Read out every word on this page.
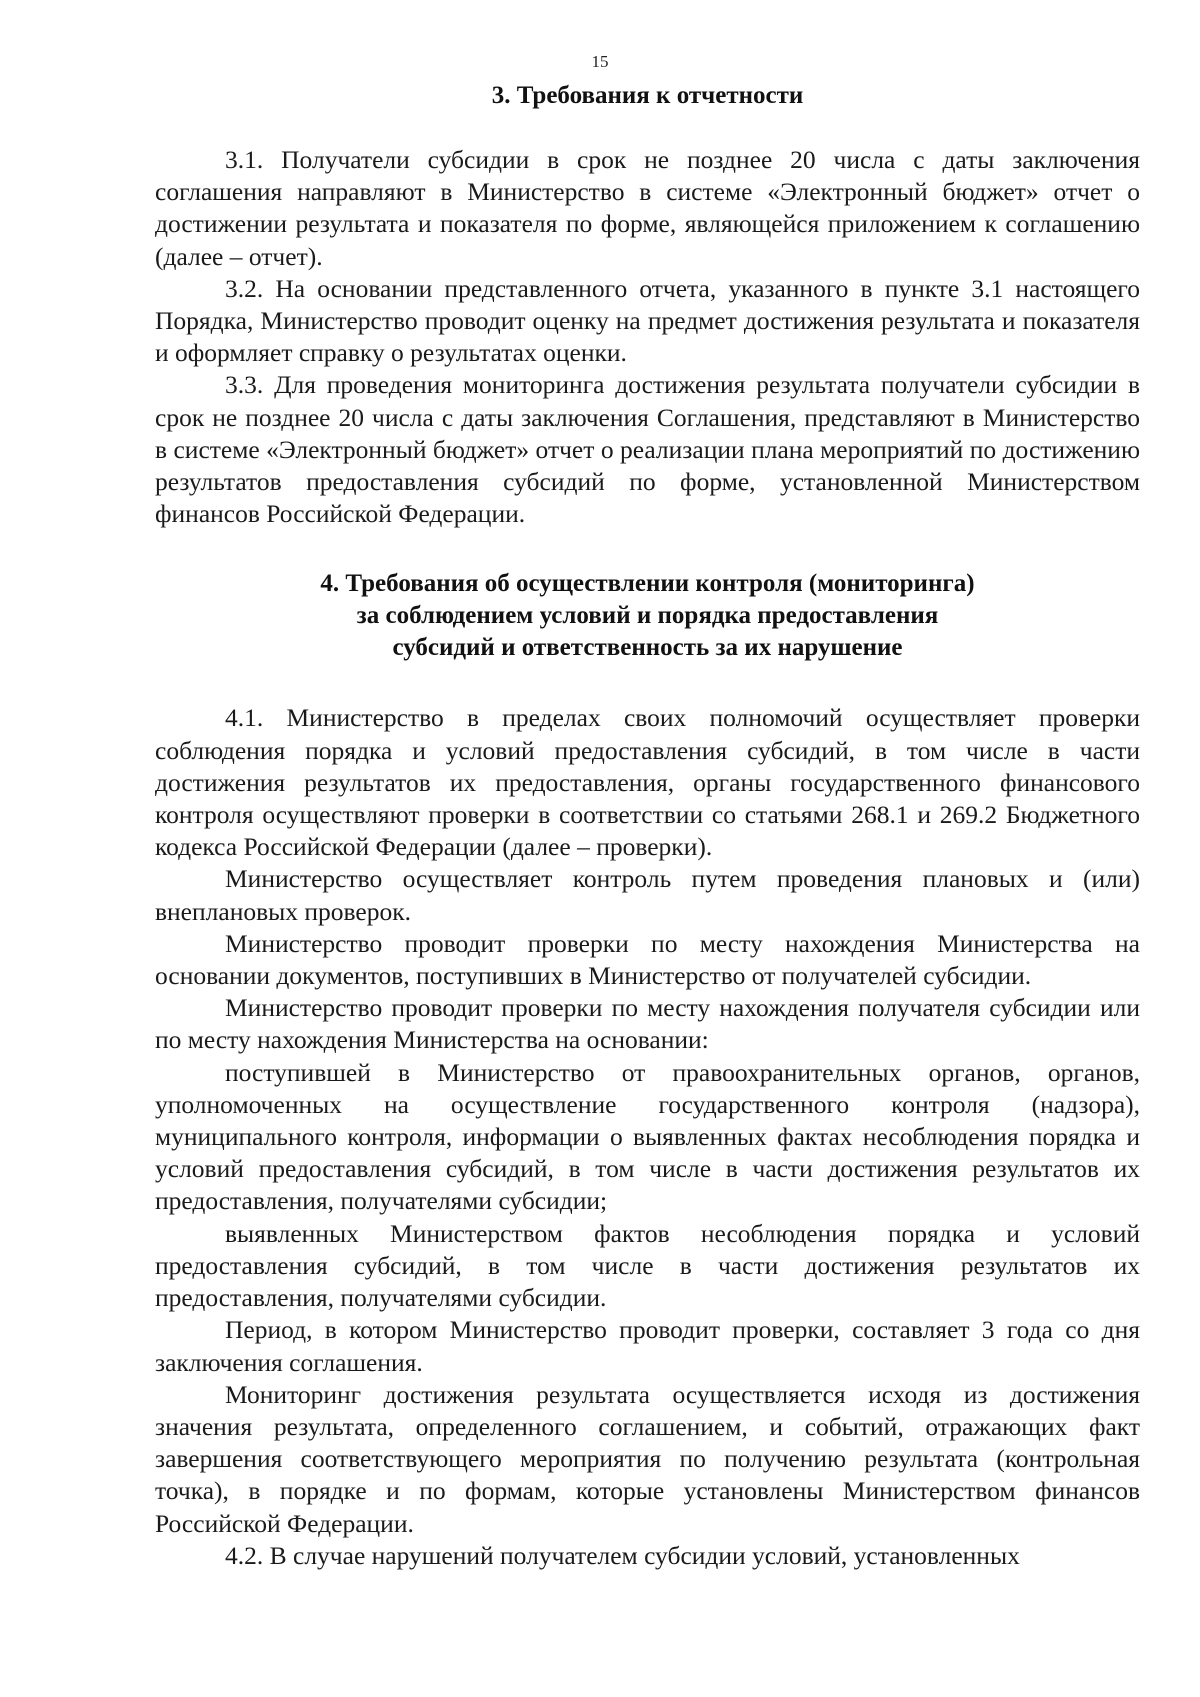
15
3. Требования к отчетности

3.1. Получатели субсидии в срок не позднее 20 числа с даты заключения соглашения направляют в Министерство в системе «Электронный бюджет» отчет о достижении результата и показателя по форме, являющейся приложением к соглашению (далее – отчет).

3.2. На основании представленного отчета, указанного в пункте 3.1 настоящего Порядка, Министерство проводит оценку на предмет достижения результата и показателя и оформляет справку о результатах оценки.

3.3. Для проведения мониторинга достижения результата получатели субсидии в срок не позднее 20 числа с даты заключения Соглашения, представляют в Министерство в системе «Электронный бюджет» отчет о реализации плана мероприятий по достижению результатов предоставления субсидий по форме, установленной Министерством финансов Российской Федерации.

4. Требования об осуществлении контроля (мониторинга)
за соблюдением условий и порядка предоставления
субсидий и ответственность за их нарушение

4.1. Министерство в пределах своих полномочий осуществляет проверки соблюдения порядка и условий предоставления субсидий, в том числе в части достижения результатов их предоставления, органы государственного финансового контроля осуществляют проверки в соответствии со статьями 268.1 и 269.2 Бюджетного кодекса Российской Федерации (далее – проверки).

Министерство осуществляет контроль путем проведения плановых и (или) внеплановых проверок.

Министерство проводит проверки по месту нахождения Министерства на основании документов, поступивших в Министерство от получателей субсидии.

Министерство проводит проверки по месту нахождения получателя субсидии или по месту нахождения Министерства на основании:

поступившей в Министерство от правоохранительных органов, органов, уполномоченных на осуществление государственного контроля (надзора), муниципального контроля, информации о выявленных фактах несоблюдения порядка и условий предоставления субсидий, в том числе в части достижения результатов их предоставления, получателями субсидии;

выявленных Министерством фактов несоблюдения порядка и условий предоставления субсидий, в том числе в части достижения результатов их предоставления, получателями субсидии.

Период, в котором Министерство проводит проверки, составляет 3 года со дня заключения соглашения.

Мониторинг достижения результата осуществляется исходя из достижения значения результата, определенного соглашением, и событий, отражающих факт завершения соответствующего мероприятия по получению результата (контрольная точка), в порядке и по формам, которые установлены Министерством финансов Российской Федерации.

4.2. В случае нарушений получателем субсидии условий, установленных
